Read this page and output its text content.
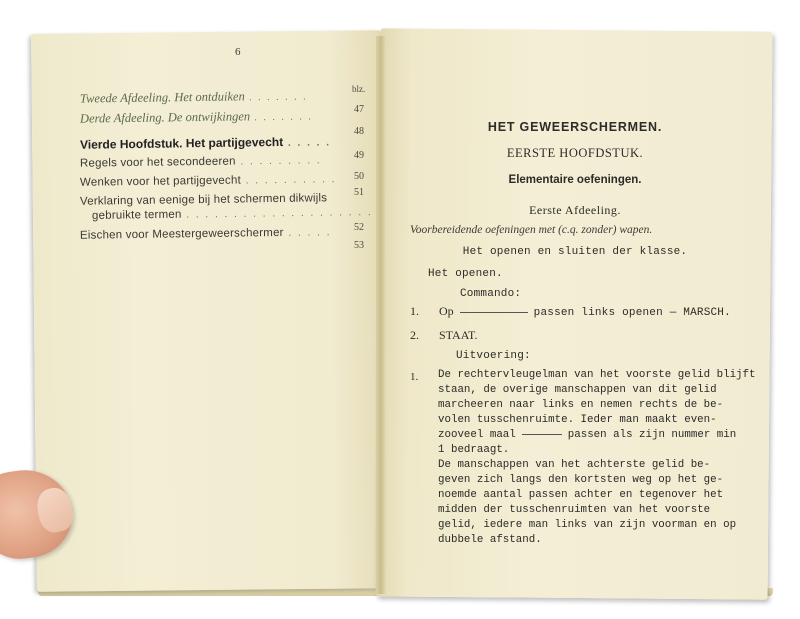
6
blz.
Tweede Afdeeling. Het ontduiken . . . . . . .
47
Derde Afdeeling. De ontwijkingen . . . . . . .
48
Vierde Hoofdstuk. Het partijgevecht . . . . .
49
Regels voor het secondeeren . . . . . . . . .
50
Wenken voor het partijgevecht . . . . . . . . . .
51
Verklaring van eenige bij het schermen dikwijls
gebruikte termen . . . . . . . . . . . . . . . . . . . .
52
Eischen voor Meestergeweerschermer . . . . .
53
HET GEWEERSCHERMEN.
EERSTE HOOFDSTUK.
Elementaire oefeningen.
Eerste Afdeeling.
Voorbereidende oefeningen met (c.q. zonder) wapen.
Het openen en sluiten der klasse.
Het openen.
Commando:
1. Op	passen links openen — MARSCH.
2. STAAT.
Uitvoering:
1. De rechtervleugelman van het voorste gelid blijft
staan, de overige manschappen van dit gelid
marcheeren naar links en nemen rechts de be-
volen tusschenruimte. Ieder man maakt even-
zooveel maal	passen als zijn nummer min
1 bedraagt.
De manschappen van het achterste gelid be-
geven zich langs den kortsten weg op het ge-
noemde aantal passen achter en tegenover het
midden der tusschenruimten van het voorste
gelid, iedere man links van zijn voorman en op
dubbele afstand.
